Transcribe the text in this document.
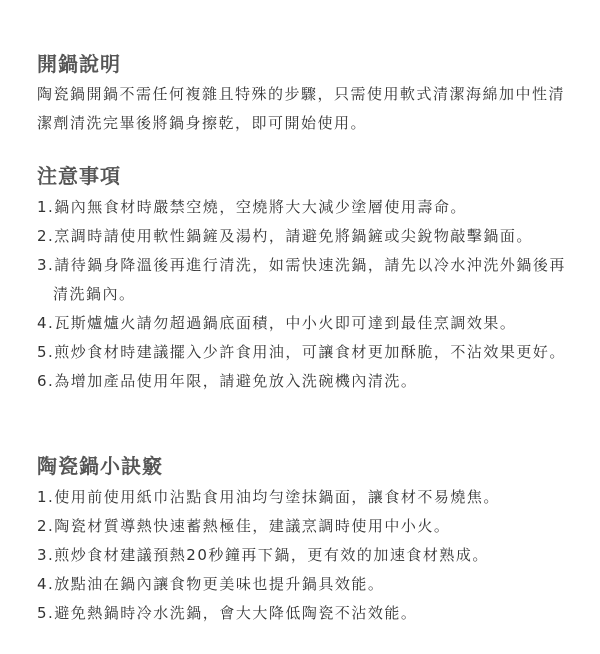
開鍋說明

陶瓷鍋開鍋不需任何複雜且特殊的步驟，只需使用軟式清潔海綿加中性清潔劑清洗完畢後將鍋身擦乾，即可開始使用。

注意事項
1.鍋內無食材時嚴禁空燒，空燒將大大減少塗層使用壽命。
2.烹調時請使用軟性鍋鏟及湯杓，請避免將鍋鏟或尖銳物敲擊鍋面。
3.請待鍋身降溫後再進行清洗，如需快速洗鍋，請先以冷水沖洗外鍋後再清洗鍋內。
4.瓦斯爐爐火請勿超過鍋底面積，中小火即可達到最佳烹調效果。
5.煎炒食材時建議擺入少許食用油，可讓食材更加酥脆，不沾效果更好。
6.為增加產品使用年限，請避免放入洗碗機內清洗。
陶瓷鍋小訣竅
1.使用前使用紙巾沾點食用油均勻塗抹鍋面，讓食材不易燒焦。
2.陶瓷材質導熱快速蓄熱極佳，建議烹調時使用中小火。
3.煎炒食材建議預熱20秒鐘再下鍋，更有效的加速食材熟成。
4.放點油在鍋內讓食物更美味也提升鍋具效能。
5.避免熱鍋時冷水洗鍋，會大大降低陶瓷不沾效能。
